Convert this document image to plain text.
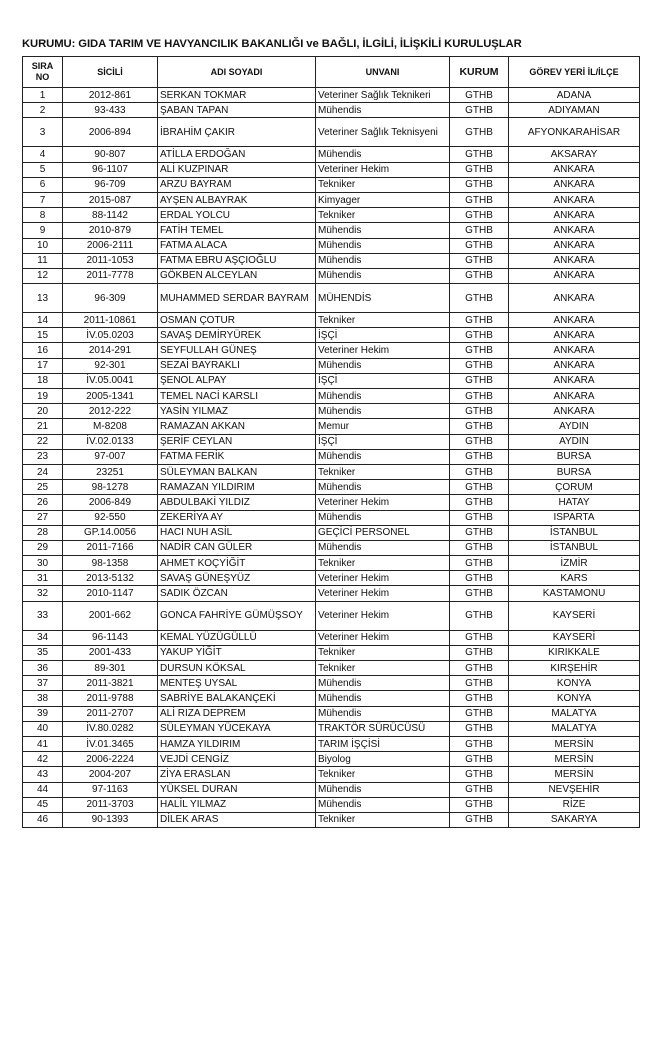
KURUMU: GIDA TARIM VE HAVYANCILIK BAKANLIĞI ve BAĞLI, İLGİLİ, İLİŞKİLİ KURULUŞLAR
SIRA NO	SİCİLİ	ADI SOYADI	UNVANI	KURUM	GÖREV YERİ İL/İLÇE
1	2012-861	SERKAN TOKMAR	Veteriner Sağlık Teknikeri	GTHB	ADANA
2	93-433	ŞABAN TAPAN	Mühendis	GTHB	ADIYAMAN
3	2006-894	İBRAHİM ÇAKIR	Veteriner Sağlık Teknisyeni	GTHB	AFYONKARAHİSAR
4	90-807	ATİLLA ERDOĞAN	Mühendis	GTHB	AKSARAY
5	96-1107	ALİ KUZPINAR	Veteriner Hekim	GTHB	ANKARA
6	96-709	ARZU BAYRAM	Tekniker	GTHB	ANKARA
7	2015-087	AYŞEN ALBAYRAK	Kimyager	GTHB	ANKARA
8	88-1142	ERDAL YOLCU	Tekniker	GTHB	ANKARA
9	2010-879	FATİH TEMEL	Mühendis	GTHB	ANKARA
10	2006-2111	FATMA ALACA	Mühendis	GTHB	ANKARA
11	2011-1053	FATMA EBRU AŞÇIOĞLU	Mühendis	GTHB	ANKARA
12	2011-7778	GÖKBEN ALCEYLAN	Mühendis	GTHB	ANKARA
13	96-309	MUHAMMED SERDAR BAYRAM	MÜHENDİS	GTHB	ANKARA
14	2011-10861	OSMAN ÇOTUR	Tekniker	GTHB	ANKARA
15	İV.05.0203	SAVAŞ DEMİRYÜREK	İŞÇİ	GTHB	ANKARA
16	2014-291	SEYFULLAH GÜNEŞ	Veteriner Hekim	GTHB	ANKARA
17	92-301	SEZAİ BAYRAKLI	Mühendis	GTHB	ANKARA
18	İV.05.0041	ŞENOL ALPAY	İŞÇİ	GTHB	ANKARA
19	2005-1341	TEMEL NACİ KARSLI	Mühendis	GTHB	ANKARA
20	2012-222	YASİN YILMAZ	Mühendis	GTHB	ANKARA
21	M-8208	RAMAZAN AKKAN	Memur	GTHB	AYDIN
22	İV.02.0133	ŞERİF CEYLAN	İŞÇİ	GTHB	AYDIN
23	97-007	FATMA FERİK	Mühendis	GTHB	BURSA
24	23251	SÜLEYMAN BALKAN	Tekniker	GTHB	BURSA
25	98-1278	RAMAZAN YILDIRIM	Mühendis	GTHB	ÇORUM
26	2006-849	ABDULBAKİ YILDIZ	Veteriner Hekim	GTHB	HATAY
27	92-550	ZEKERİYA AY	Mühendis	GTHB	ISPARTA
28	GP.14.0056	HACI NUH ASİL	GEÇİCİ PERSONEL	GTHB	İSTANBUL
29	2011-7166	NADİR CAN GÜLER	Mühendis	GTHB	İSTANBUL
30	98-1358	AHMET KOÇYİĞİT	Tekniker	GTHB	İZMİR
31	2013-5132	SAVAŞ GÜNEŞYÜZ	Veteriner Hekim	GTHB	KARS
32	2010-1147	SADIK ÖZCAN	Veteriner Hekim	GTHB	KASTAMONU
33	2001-662	GONCA FAHRİYE GÜMÜŞSOY	Veteriner Hekim	GTHB	KAYSERİ
34	96-1143	KEMAL YÜZÜGÜLLÜ	Veteriner Hekim	GTHB	KAYSERİ
35	2001-433	YAKUP YİĞİT	Tekniker	GTHB	KIRIKKALE
36	89-301	DURSUN KÖKSAL	Tekniker	GTHB	KIRŞEHİR
37	2011-3821	MENTEŞ UYSAL	Mühendis	GTHB	KONYA
38	2011-9788	SABRİYE BALAKANÇEKİ	Mühendis	GTHB	KONYA
39	2011-2707	ALİ RIZA DEPREM	Mühendis	GTHB	MALATYA
40	İV.80.0282	SÜLEYMAN YÜCEKAYA	TRAKTÖR SÜRÜCÜSÜ	GTHB	MALATYA
41	İV.01.3465	HAMZA YILDIRIM	TARIM İŞÇİSİ	GTHB	MERSİN
42	2006-2224	VEJDİ CENGİZ	Biyolog	GTHB	MERSİN
43	2004-207	ZİYA ERASLAN	Tekniker	GTHB	MERSİN
44	97-1163	YÜKSEL DURAN	Mühendis	GTHB	NEVŞEHİR
45	2011-3703	HALİL YILMAZ	Mühendis	GTHB	RİZE
46	90-1393	DİLEK ARAS	Tekniker	GTHB	SAKARYA
